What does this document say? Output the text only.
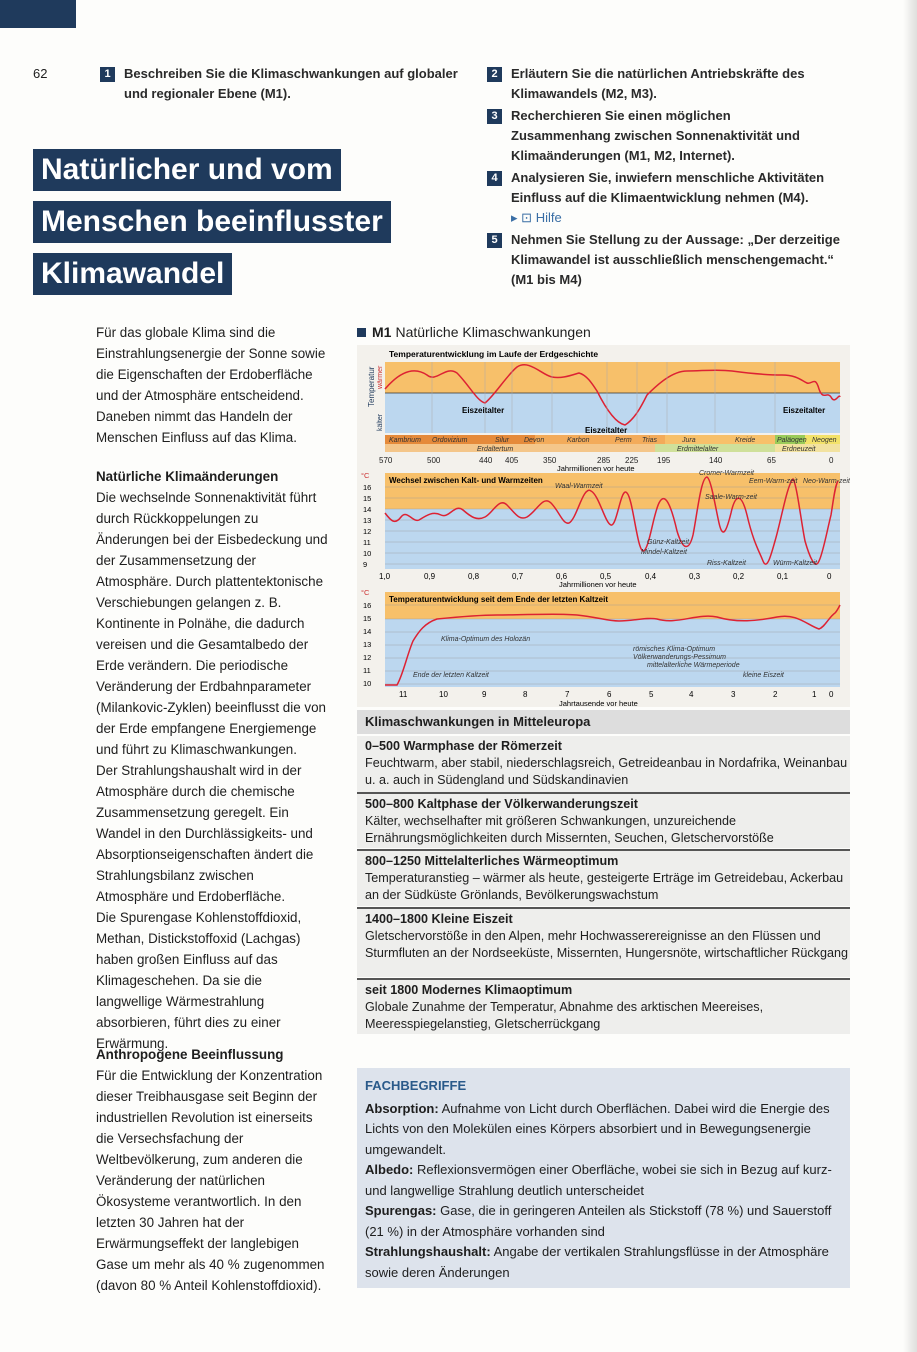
62	1 Beschreiben Sie die Klimaschwankungen auf globaler und regionaler Ebene (M1).
2 Erläutern Sie die natürlichen Antriebskräfte des Klimawandels (M2, M3).
3 Recherchieren Sie einen möglichen Zusammenhang zwischen Sonnenaktivität und Klimaänderungen (M1, M2, Internet).
4 Analysieren Sie, inwiefern menschliche Aktivitäten Einfluss auf die Klimaentwicklung nehmen (M4).
▸ ⊡ Hilfe
5 Nehmen Sie Stellung zu der Aussage: „Der derzeitige Klimawandel ist ausschließlich menschengemacht.“ (M1 bis M4)
Natürlicher und vom
Menschen beeinflusster
Klimawandel
Für das globale Klima sind die Einstrahlungsenergie der Sonne sowie die Eigenschaften der Erdoberfläche und der Atmosphäre entscheidend. Daneben nimmt das Handeln der Menschen Einfluss auf das Klima.
Natürliche Klimaänderungen

Die wechselnde Sonnenaktivität führt durch Rückkoppelungen zu Änderungen bei der Eisbedeckung und der Zusammensetzung der Atmosphäre. Durch plattentektonische Verschiebungen gelangen z. B. Kontinente in Polnähe, die dadurch vereisen und die Gesamtalbedo der Erde verändern. Die periodische Veränderung der Erdbahnparameter (Milankovic-Zyklen) beeinflusst die von der Erde empfangene Energiemenge und führt zu Klimaschwankungen.

Der Strahlungshaushalt wird in der Atmosphäre durch die chemische Zusammensetzung geregelt. Ein Wandel in den Durchlässigkeits- und Absorptionseigenschaften ändert die Strahlungsbilanz zwischen Atmosphäre und Erdoberfläche.

Die Spurengase Kohlenstoffdioxid, Methan, Distickstoffoxid (Lachgas) haben großen Einfluss auf das Klimageschehen. Da sie die langwellige Wärmestrahlung absorbieren, führt dies zu einer Erwärmung.

Anthropogene Beeinflussung

Für die Entwicklung der Konzentration dieser Treibhausgase seit Beginn der industriellen Revolution ist einerseits die Versechsfachung der Weltbevölkerung, zum anderen die Veränderung der natürlichen Ökosysteme verantwortlich. In den letzten 30 Jahren hat der Erwärmungseffekt der langlebigen Gase um mehr als 40 % zugenommen (davon 80 % Anteil Kohlenstoffdioxid).

M1 Natürliche Klimaschwankungen
Temperaturentwicklung im Laufe der Erdgeschichte
Temperatur
kälter
wärmer
Eiszeitalter
Eiszeitalter
Eiszeitalter
Kambrium Ordovizium	Silur Devon	Karbon	Perm Trias	Jura	Kreide	Paläogen Neogen
Erdaltertum	Erdmittelalter	Erdneuzeit
570	500	440 405	350	285 225 195	140	65	0
Jahrmillionen vor heute
°C
Wechsel zwischen Kalt- und Warmzeiten
16
15
14
13
12
11
10
9
Waal-Warmzeit
Cromer-Warmzeit
Eem-Warm-zeit Neo-Warm-zeit
Saale-Warm-zeit
Günz-Kaltzeit
Mindel-Kaltzeit
Riss-Kaltzeit	Würm-Kaltzeit
1,0	0,9	0,8	0,7	0,6	0,5	0,4	0,3	0,2	0,1	0
Jahrmillionen vor heute
°C
Temperaturentwicklung seit dem Ende der letzten Kaltzeit
16
15
14
13
12
11
10
Klima-Optimum des Holozän
römisches Klima-Optimum
Völkerwanderungs-Pessimum
mittelalterliche Wärmeperiode
kleine Eiszeit
Ende der letzten Kaltzeit
11	10	9	8	7	6	5	4	3	2	1 0
Jahrtausende vor heute
Klimaschwankungen in Mitteleuropa
0–500 Warmphase der Römerzeit

Feuchtwarm, aber stabil, niederschlagsreich, Getreideanbau in Nordafrika, Weinanbau u. a. auch in Südengland und Südskandinavien

500–800 Kaltphase der Völkerwanderungszeit

Kälter, wechselhafter mit größeren Schwankungen, unzureichende Ernährungsmöglichkeiten durch Missernten, Seuchen, Gletschervorstöße

800–1250 Mittelalterliches Wärmeoptimum

Temperaturanstieg – wärmer als heute, gesteigerte Erträge im Getreidebau, Ackerbau an der Südküste Grönlands, Bevölkerungswachstum

1400–1800 Kleine Eiszeit

Gletschervorstöße in den Alpen, mehr Hochwasserereignisse an den Flüssen und Sturmfluten an der Nordseeküste, Missernten, Hungersnöte, wirtschaftlicher Rückgang

seit 1800 Modernes Klimaoptimum

Globale Zunahme der Temperatur, Abnahme des arktischen Meereises, Meeresspiegelanstieg, Gletscherrückgang

FACHBEGRIFFE

Absorption: Aufnahme von Licht durch Oberflächen. Dabei wird die Energie des Lichts von den Molekülen eines Körpers absorbiert und in Bewegungsenergie umgewandelt.

Albedo: Reflexionsvermögen einer Oberfläche, wobei sie sich in Bezug auf kurz- und langwellige Strahlung deutlich unterscheidet

Spurengas: Gase, die in geringeren Anteilen als Stickstoff (78 %) und Sauerstoff (21 %) in der Atmosphäre vorhanden sind

Strahlungshaushalt: Angabe der vertikalen Strahlungsflüsse in der Atmosphäre sowie deren Änderungen
